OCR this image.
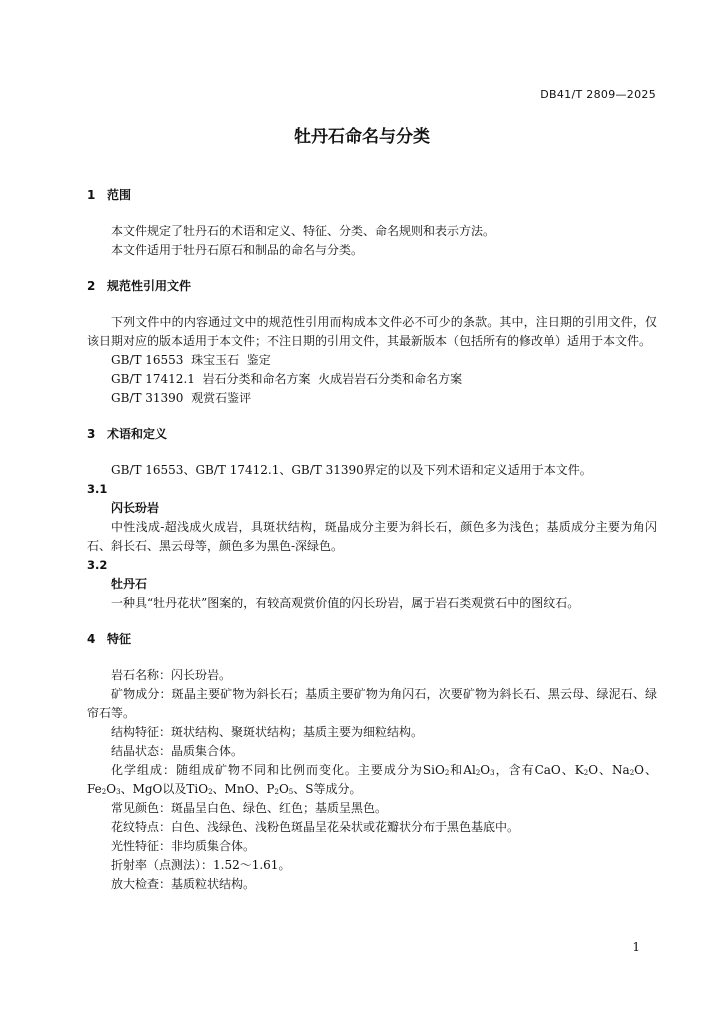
DB41/T 2809—2025
牡丹石命名与分类

1 范围

本文件规定了牡丹石的术语和定义、特征、分类、命名规则和表示方法。

本文件适用于牡丹石原石和制品的命名与分类。

2 规范性引用文件

下列文件中的内容通过文中的规范性引用而构成本文件必不可少的条款。其中，注日期的引用文件，仅该日期对应的版本适用于本文件；不注日期的引用文件，其最新版本（包括所有的修改单）适用于本文件。

GB/T 16553  珠宝玉石  鉴定

GB/T 17412.1  岩石分类和命名方案  火成岩岩石分类和命名方案

GB/T 31390  观赏石鉴评

3 术语和定义

GB/T 16553、GB/T 17412.1、GB/T 31390界定的以及下列术语和定义适用于本文件。

3.1

闪长玢岩

中性浅成-超浅成火成岩，具斑状结构，斑晶成分主要为斜长石，颜色多为浅色；基质成分主要为角闪石、斜长石、黑云母等，颜色多为黑色-深绿色。

3.2

牡丹石

一种具“牡丹花状”图案的，有较高观赏价值的闪长玢岩，属于岩石类观赏石中的图纹石。

4 特征

岩石名称：闪长玢岩。

矿物成分：斑晶主要矿物为斜长石；基质主要矿物为角闪石，次要矿物为斜长石、黑云母、绿泥石、绿帘石等。

结构特征：斑状结构、聚斑状结构；基质主要为细粒结构。

结晶状态：晶质集合体。

化学组成：随组成矿物不同和比例而变化。主要成分为SiO$_2$和$Al_2O_3$，含有CaO、$K_2O$、$Na_2O$、$Fe_2O_3$、MgO以及TiO$_2$、MnO、$P_2O_5$、S等成分。

常见颜色：斑晶呈白色、绿色、红色；基质呈黑色。

花纹特点：白色、浅绿色、浅粉色斑晶呈花朵状或花瓣状分布于黑色基底中。

光性特征：非均质集合体。

折射率（点测法）：1.52～1.61。

放大检查：基质粒状结构。

1
